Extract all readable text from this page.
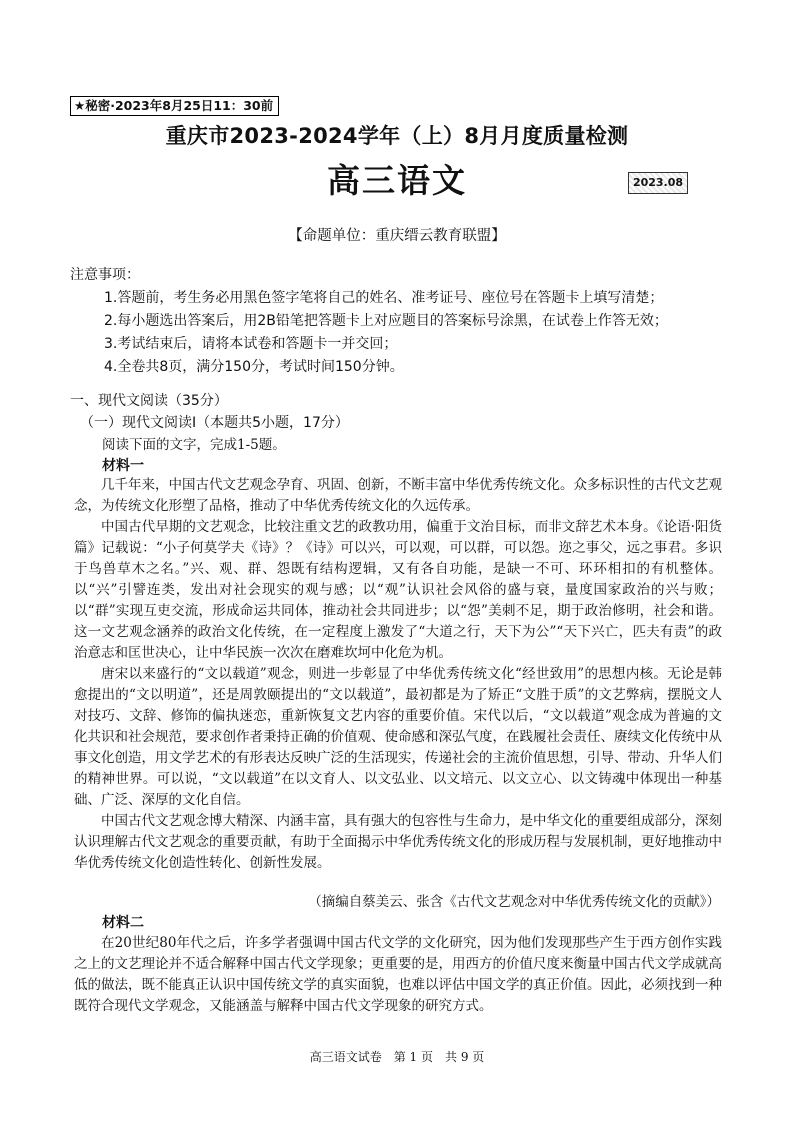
★秘密·2023年8月25日11：30前
重庆市2023-2024学年（上）8月月度质量检测
高三语文	2023.08
【命题单位：重庆缙云教育联盟】
注意事项：
1.答题前，考生务必用黑色签字笔将自己的姓名、准考证号、座位号在答题卡上填写清楚；
2.每小题选出答案后，用2B铅笔把答题卡上对应题目的答案标号涂黑，在试卷上作答无效；
3.考试结束后，请将本试卷和答题卡一并交回；
4.全卷共8页，满分150分，考试时间150分钟。
一、现代文阅读（35分）
（一）现代文阅读Ⅰ（本题共5小题，17分）
阅读下面的文字，完成1-5题。
材料一

几千年来，中国古代文艺观念孕育、巩固、创新，不断丰富中华优秀传统文化。众多标识性的古代文艺观念，为传统文化形塑了品格，推动了中华优秀传统文化的久远传承。

中国古代早期的文艺观念，比较注重文艺的政教功用，偏重于文治目标，而非文辞艺术本身。《论语·阳货篇》记载说：“小子何莫学夫《诗》？《诗》可以兴，可以观，可以群，可以怨。迩之事父，远之事君。多识于鸟兽草木之名。”兴、观、群、怨既有结构逻辑，又有各自功能，是缺一不可、环环相扣的有机整体。以“兴”引譬连类，发出对社会现实的观与感；以“观”认识社会风俗的盛与衰，量度国家政治的兴与败；以“群”实现互吏交流，形成命运共同体，推动社会共同进步；以“怨”美刺不足，期于政治修明，社会和谐。这一文艺观念涵养的政治文化传统，在一定程度上激发了“大道之行，天下为公”“天下兴亡，匹夫有责”的政治意志和匡世决心，让中华民族一次次在磨难坎坷中化危为机。

唐宋以来盛行的“文以载道”观念，则进一步彰显了中华优秀传统文化“经世致用”的思想内核。无论是韩愈提出的“文以明道”，还是周敦颐提出的“文以载道”，最初都是为了矫正“文胜于质”的文艺弊病，摆脱文人对技巧、文辞、修饰的偏执迷恋，重新恢复文艺内容的重要价值。宋代以后，“文以载道”观念成为普遍的文化共识和社会规范，要求创作者秉持正确的价值观、使命感和深弘气度，在践履社会责任、赓续文化传统中从事文化创造，用文学艺术的有形表达反映广泛的生活现实，传递社会的主流价值思想，引导、带动、升华人们的精神世界。可以说，“文以载道”在以文育人、以文弘业、以文培元、以文立心、以文铸魂中体现出一种基础、广泛、深厚的文化自信。

中国古代文艺观念博大精深、内涵丰富，具有强大的包容性与生命力，是中华文化的重要组成部分，深刻认识理解古代文艺观念的重要贡献，有助于全面揭示中华优秀传统文化的形成历程与发展机制，更好地推动中华优秀传统文化创造性转化、创新性发展。

（摘编自蔡美云、张含《古代文艺观念对中华优秀传统文化的贡献》）
材料二

在20世纪80年代之后，许多学者强调中国古代文学的文化研究，因为他们发现那些产生于西方创作实践之上的文艺理论并不适合解释中国古代文学现象；更重要的是，用西方的价值尺度来衡量中国古代文学成就高低的做法，既不能真正认识中国传统文学的真实面貌，也难以评估中国文学的真正价值。因此，必须找到一种既符合现代文学观念，又能涵盖与解释中国古代文学现象的研究方式。

高三语文试卷　第 1 页　共 9 页
